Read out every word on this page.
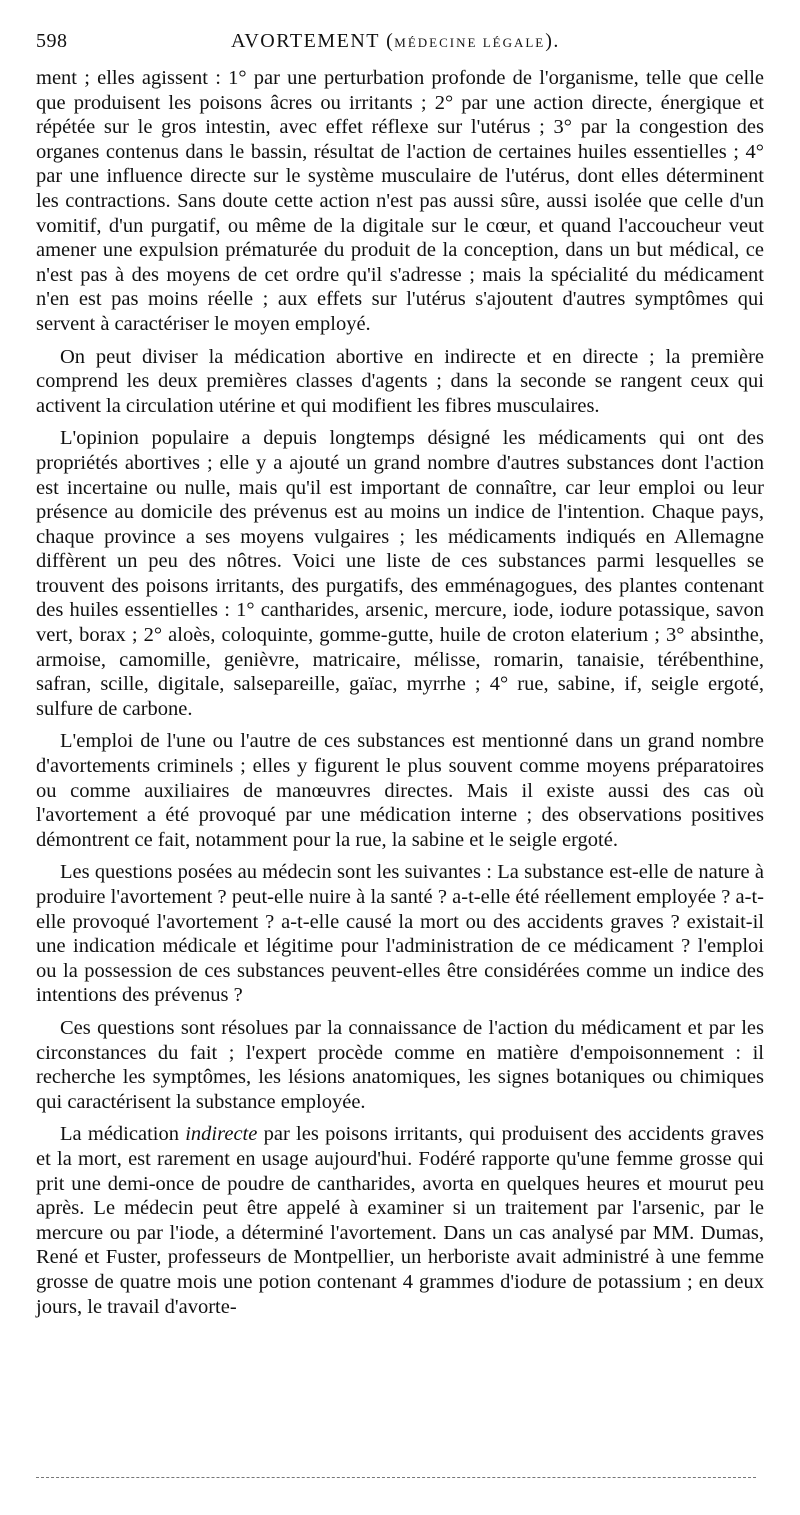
598	AVORTEMENT (MÉDECINE LÉGALE).

ment ; elles agissent : 1° par une perturbation profonde de l'organisme, telle que celle que produisent les poisons âcres ou irritants ; 2° par une action directe, énergique et répétée sur le gros intestin, avec effet réflexe sur l'utérus ; 3° par la congestion des organes contenus dans le bassin, résultat de l'action de certaines huiles essentielles ; 4° par une influence directe sur le système musculaire de l'utérus, dont elles déterminent les contractions. Sans doute cette action n'est pas aussi sûre, aussi isolée que celle d'un vomitif, d'un purgatif, ou même de la digitale sur le cœur, et quand l'accoucheur veut amener une expulsion prématurée du produit de la conception, dans un but médical, ce n'est pas à des moyens de cet ordre qu'il s'adresse ; mais la spécialité du médicament n'en est pas moins réelle ; aux effets sur l'utérus s'ajoutent d'autres symptômes qui servent à caractériser le moyen employé.

On peut diviser la médication abortive en indirecte et en directe ; la première comprend les deux premières classes d'agents ; dans la seconde se rangent ceux qui activent la circulation utérine et qui modifient les fibres musculaires.

L'opinion populaire a depuis longtemps désigné les médicaments qui ont des propriétés abortives ; elle y a ajouté un grand nombre d'autres substances dont l'action est incertaine ou nulle, mais qu'il est important de connaître, car leur emploi ou leur présence au domicile des prévenus est au moins un indice de l'intention. Chaque pays, chaque province a ses moyens vulgaires ; les médicaments indiqués en Allemagne diffèrent un peu des nôtres. Voici une liste de ces substances parmi lesquelles se trouvent des poisons irritants, des purgatifs, des emménagogues, des plantes contenant des huiles essentielles : 1° cantharides, arsenic, mercure, iode, iodure potassique, savon vert, borax ; 2° aloès, coloquinte, gomme-gutte, huile de croton elaterium ; 3° absinthe, armoise, camomille, genièvre, matricaire, mélisse, romarin, tanaisie, térébenthine, safran, scille, digitale, salsepareille, gaïac, myrrhe ; 4° rue, sabine, if, seigle ergoté, sulfure de carbone.

L'emploi de l'une ou l'autre de ces substances est mentionné dans un grand nombre d'avortements criminels ; elles y figurent le plus souvent comme moyens préparatoires ou comme auxiliaires de manœuvres directes. Mais il existe aussi des cas où l'avortement a été provoqué par une médication interne ; des observations positives démontrent ce fait, notamment pour la rue, la sabine et le seigle ergoté.

Les questions posées au médecin sont les suivantes : La substance est-elle de nature à produire l'avortement ? peut-elle nuire à la santé ? a-t-elle été réellement employée ? a-t-elle provoqué l'avortement ? a-t-elle causé la mort ou des accidents graves ? existait-il une indication médicale et légitime pour l'administration de ce médicament ? l'emploi ou la possession de ces substances peuvent-elles être considérées comme un indice des intentions des prévenus ?

Ces questions sont résolues par la connaissance de l'action du médicament et par les circonstances du fait ; l'expert procède comme en matière d'empoisonnement : il recherche les symptômes, les lésions anatomiques, les signes botaniques ou chimiques qui caractérisent la substance employée.

La médication indirecte par les poisons irritants, qui produisent des accidents graves et la mort, est rarement en usage aujourd'hui. Fodéré rapporte qu'une femme grosse qui prit une demi-once de poudre de cantharides, avorta en quelques heures et mourut peu après. Le médecin peut être appelé à examiner si un traitement par l'arsenic, par le mercure ou par l'iode, a déterminé l'avortement. Dans un cas analysé par MM. Dumas, René et Fuster, professeurs de Montpellier, un herboriste avait administré à une femme grosse de quatre mois une potion contenant 4 grammes d'iodure de potassium ; en deux jours, le travail d'avorte-
